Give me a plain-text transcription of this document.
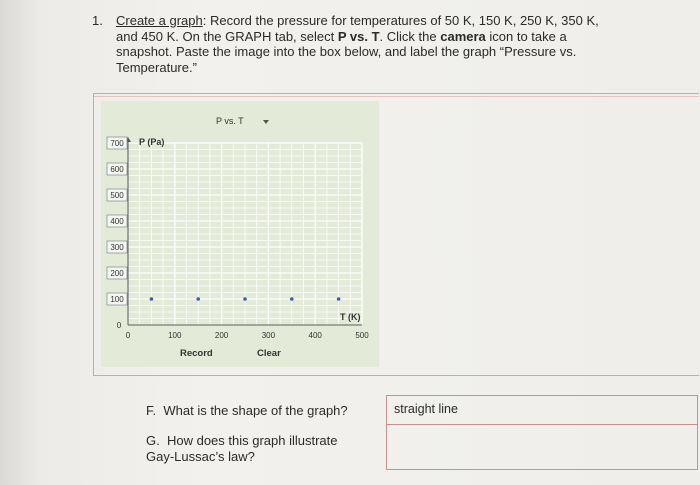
1. Create a graph: Record the pressure for temperatures of 50 K, 150 K, 250 K, 350 K, and 450 K. On the GRAPH tab, select P vs. T. Click the camera icon to take a snapshot. Paste the image into the box below, and label the graph “Pressure vs. Temperature.”
P vs. T
0
100
200
300
400
500
600
700
0	100	200	300	400	500
P (Pa)
T (K)
Record	Clear
F. What is the shape of the graph?
G. How does this graph illustrate Gay-Lussac’s law?
straight line
